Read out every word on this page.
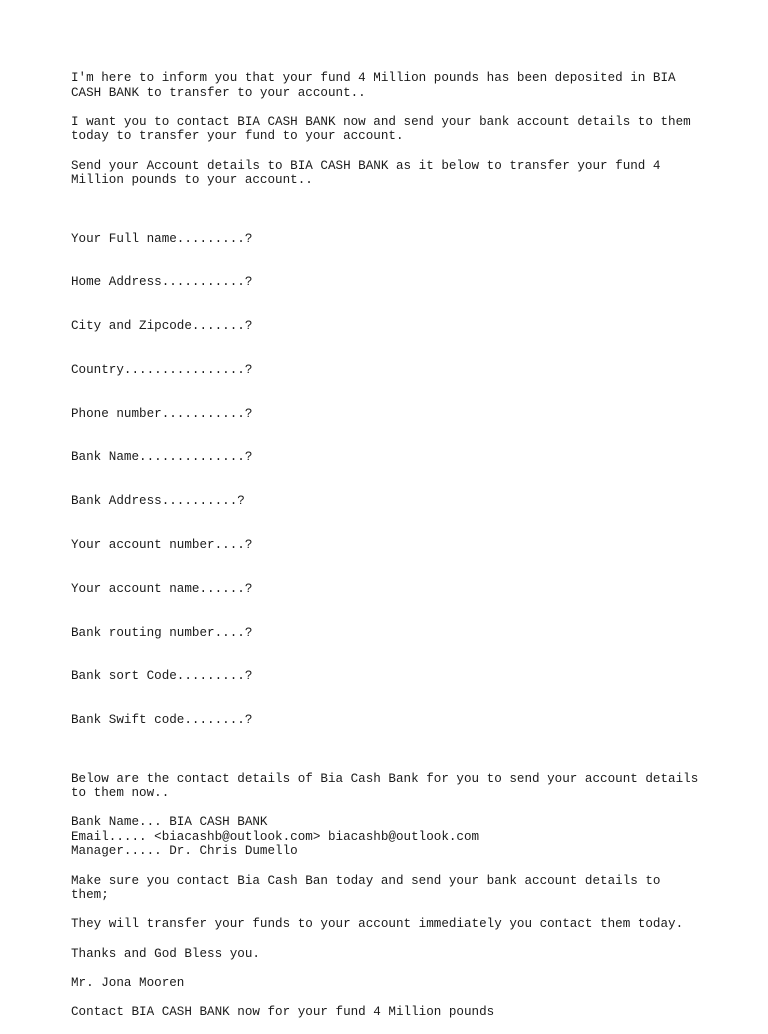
I'm here to inform you that your fund 4 Million pounds has been deposited in BIA
CASH BANK to transfer to your account..

I want you to contact BIA CASH BANK now and send your bank account details to them
today to transfer your fund to your account.

Send your Account details to BIA CASH BANK as it below to transfer your fund 4
Million pounds to your account..

Your Full name.........?

Home Address...........?

City and Zipcode.......?

Country................?

Phone number...........?

Bank Name..............?

Bank Address..........?

Your account number....?

Your account name......?

Bank routing number....?

Bank sort Code.........?

Bank Swift code........?

Below are the contact details of Bia Cash Bank for you to send your account details
to them now..

Bank Name... BIA CASH BANK
Email..... <biacashb@outlook.com> biacashb@outlook.com
Manager..... Dr. Chris Dumello

Make sure you contact Bia Cash Ban today and send your bank account details to
them;

They will transfer your funds to your account immediately you contact them today.

Thanks and God Bless you.

Mr. Jona Mooren

Contact BIA CASH BANK now for your fund 4 Million pounds
